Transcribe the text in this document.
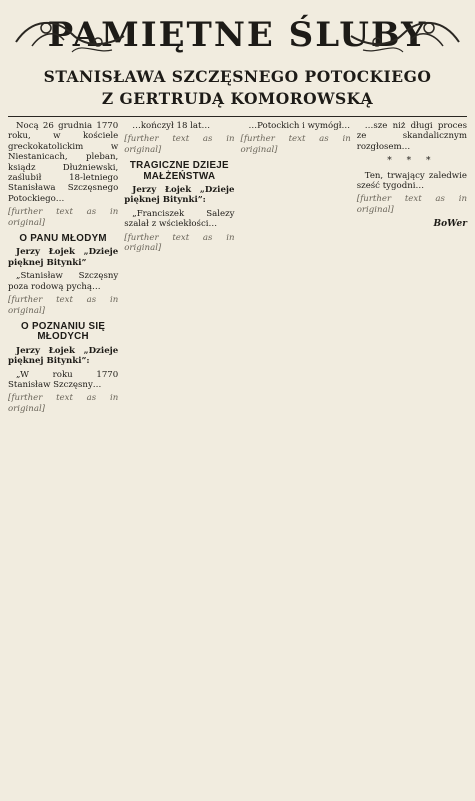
PAMIĘTNE ŚLUBY
STANISŁAWA SZCZĘSNEGO POTOCKIEGO
Z GERTRUDĄ KOMOROWSKĄ

Nocą 26 grudnia 1770 roku, w kościele greckokatolickim w Niestanicach, pleban, ksiądz Dłużniewski, zaślubił 18-letniego Stanisława Szczęsnego Potockiego…

[further text as in original]

O PANU MŁODYM

Jerzy Łojek „Dzieje pięknej Bitynki”

„Stanisław Szczęsny poza rodową pychą…

[further text as in original]

O POZNANIU SIĘ MŁODYCH

Jerzy Łojek „Dzieje pięknej Bitynki”:

„W roku 1770 Stanisław Szczęsny…

[further text as in original]

…kończył 18 lat…

[further text as in original]

TRAGICZNE DZIEJE MAŁŻEŃSTWA

Jerzy Łojek „Dzieje pięknej Bitynki”:

„Franciszek Salezy szalał z wściekłości…

[further text as in original]

…Potockich i wymógł…

[further text as in original]

…sze niż długi proces ze skandalicznym rozgłosem…

* * *

Ten, trwający zaledwie sześć tygodni…

[further text as in original]

BoWer
